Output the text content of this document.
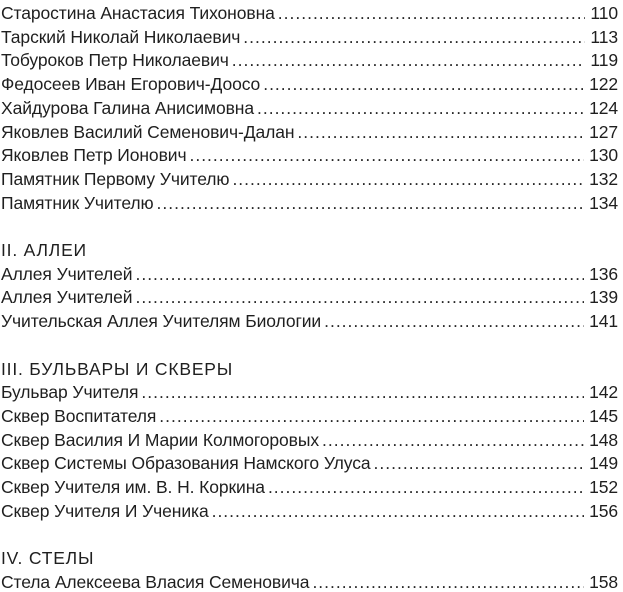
Старостина Анастасия Тихоновна .....	110
Тарский Николай Николаевич .....	113
Тобуроков Петр Николаевич .....	119
Федосеев Иван Егорович-Доосо .....	122
Хайдурова Галина Анисимовна .....	124
Яковлев Василий Семенович-Далан .....	127
Яковлев Петр Ионович .....	130
Памятник Первому Учителю .....	132
Памятник Учителю .....	134
II. АЛЛЕИ
Аллея Учителей .....	136
Аллея Учителей .....	139
Учительская Аллея Учителям Биологии .....	141
III. БУЛЬВАРЫ И СКВЕРЫ
Бульвар Учителя .....	142
Сквер Воспитателя .....	145
Сквер Василия И Марии Колмогоровых .....	148
Сквер Системы Образования Намского Улуса .....	149
Сквер Учителя им. В. Н. Коркина .....	152
Сквер Учителя И Ученика .....	156
IV. СТЕЛЫ
Стела Алексеева Власия Семеновича .....	158
